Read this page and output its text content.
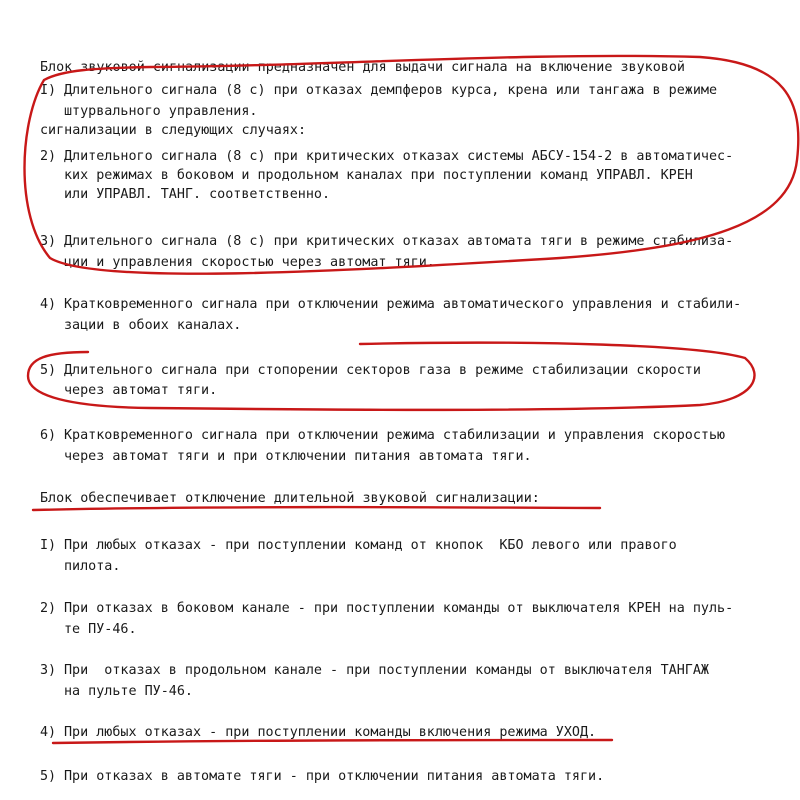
Блок звуковой сигнализации предназначен для выдачи сигнала на включение звуковой

сигнализации в следующих случаях:

I) Длительного сигнала (8 с) при отказах демпферов курса, крена или тангажа в режиме
штурвального управления.
2) Длительного сигнала (8 с) при критических отказах системы АБСУ-154-2 в автоматичес-
ких режимах в боковом и продольном каналах при поступлении команд УПРАВЛ. КРЕН
или УПРАВЛ. ТАНГ. соответственно.
3) Длительного сигнала (8 с) при критических отказах автомата тяги в режиме стабилиза-
ции и управления скоростью через автомат тяги.
4) Кратковременного сигнала при отключении режима автоматического управления и стабили-
зации в обоих каналах.
5) Длительного сигнала при стопорении секторов газа в режиме стабилизации скорости
через автомат тяги.
6) Кратковременного сигнала при отключении режима стабилизации и управления скоростью
через автомат тяги и при отключении питания автомата тяги.
Блок обеспечивает отключение длительной звуковой сигнализации:
I) При любых отказах - при поступлении команд от кнопок  КБО левого или правого
пилота.
2) При отказах в боковом канале - при поступлении команды от выключателя КРЕН на пуль-
те ПУ-46.
3) При  отказах в продольном канале - при поступлении команды от выключателя ТАНГАЖ
на пульте ПУ-46.
4) При любых отказах - при поступлении команды включения режима УХОД.
5) При отказах в автомате тяги - при отключении питания автомата тяги.
